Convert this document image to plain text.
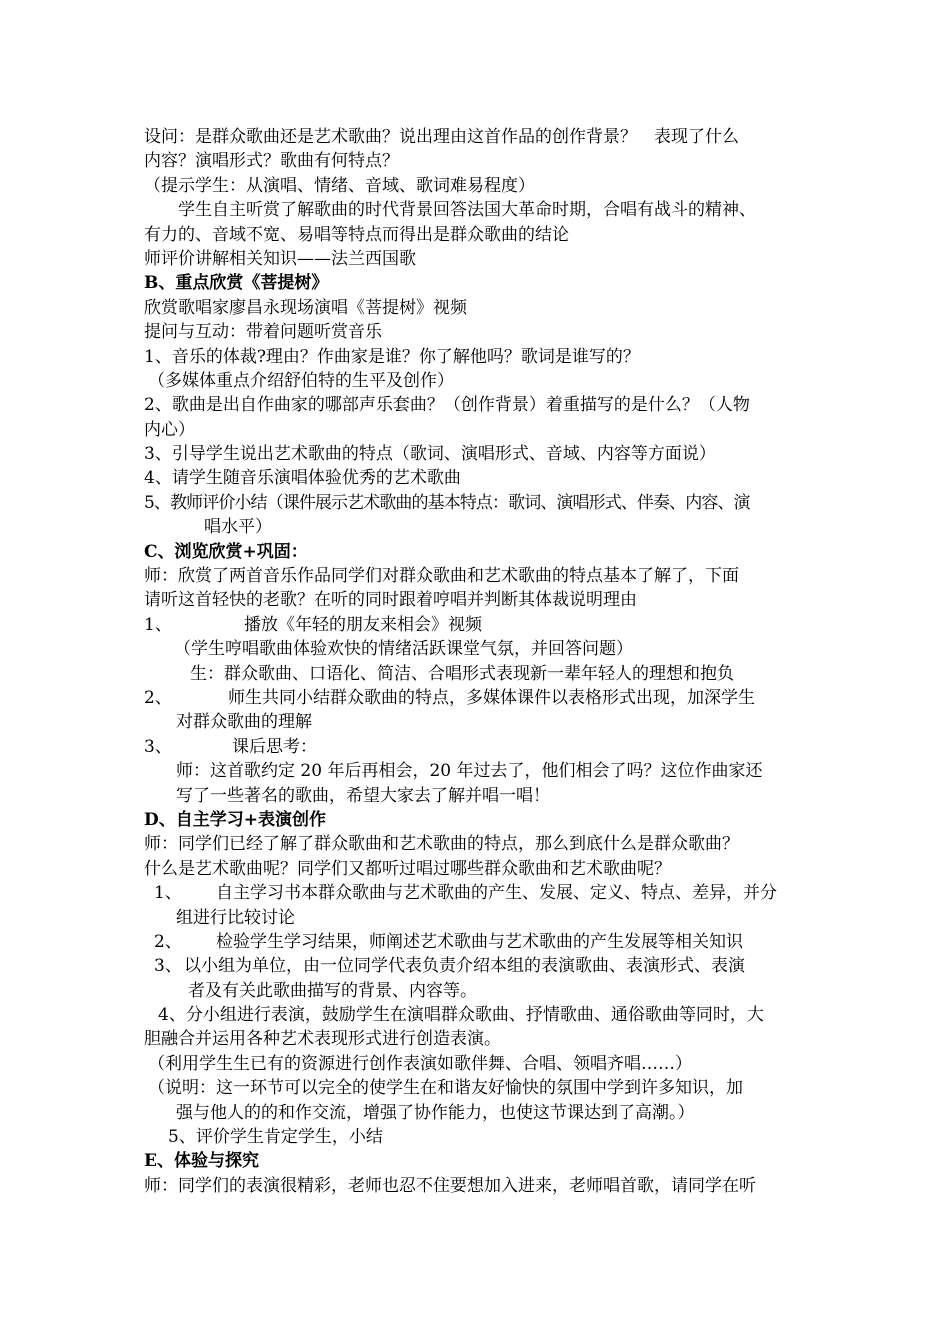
设问：是群众歌曲还是艺术歌曲？说出理由这首作品的创作背景？　表现了什么
内容？演唱形式？歌曲有何特点？
（提示学生：从演唱、情绪、音域、歌词难易程度）
学生自主听赏了解歌曲的时代背景回答法国大革命时期，合唱有战斗的精神、
有力的、音域不宽、易唱等特点而得出是群众歌曲的结论
师评价讲解相关知识——法兰西国歌
B、重点欣赏《菩提树》
欣赏歌唱家廖昌永现场演唱《菩提树》视频
提问与互动：带着问题听赏音乐
1、音乐的体裁?理由？作曲家是谁？你了解他吗？歌词是谁写的？
（多媒体重点介绍舒伯特的生平及创作）
2、歌曲是出自作曲家的哪部声乐套曲？（创作背景）着重描写的是什么？（人物
内心）
3、引导学生说出艺术歌曲的特点（歌词、演唱形式、音域、内容等方面说）
4、请学生随音乐演唱体验优秀的艺术歌曲
5、教师评价小结（课件展示艺术歌曲的基本特点：歌词、演唱形式、伴奏、内容、演
唱水平）
C、浏览欣赏+巩固：
师：欣赏了两首音乐作品同学们对群众歌曲和艺术歌曲的特点基本了解了，下面
请听这首轻快的老歌？在听的同时跟着哼唱并判断其体裁说明理由
1、	播放《年轻的朋友来相会》视频
（学生哼唱歌曲体验欢快的情绪活跃课堂气氛，并回答问题）
生：群众歌曲、口语化、简洁、合唱形式表现新一辈年轻人的理想和抱负
2、	师生共同小结群众歌曲的特点，多媒体课件以表格形式出现，加深学生
对群众歌曲的理解
3、	课后思考：
师：这首歌约定 20 年后再相会，20 年过去了，他们相会了吗？这位作曲家还
写了一些著名的歌曲，希望大家去了解并唱一唱！
D、自主学习+表演创作
师：同学们已经了解了群众歌曲和艺术歌曲的特点，那么到底什么是群众歌曲？
什么是艺术歌曲呢？同学们又都听过唱过哪些群众歌曲和艺术歌曲呢？
1、 自主学习书本群众歌曲与艺术歌曲的产生、发展、定义、特点、差异，并分
组进行比较讨论
2、 检验学生学习结果，师阐述艺术歌曲与艺术歌曲的产生发展等相关知识
3、 以小组为单位，由一位同学代表负责介绍本组的表演歌曲、表演形式、表演
者及有关此歌曲描写的背景、内容等。
4、分小组进行表演，鼓励学生在演唱群众歌曲、抒情歌曲、通俗歌曲等同时，大
胆融合并运用各种艺术表现形式进行创造表演。
（利用学生生已有的资源进行创作表演如歌伴舞、合唱、领唱齐唱……）
（说明：这一环节可以完全的使学生在和谐友好愉快的氛围中学到许多知识，加
强与他人的的和作交流，增强了协作能力，也使这节课达到了高潮。）
5、评价学生肯定学生，小结
E、体验与探究
师：同学们的表演很精彩，老师也忍不住要想加入进来，老师唱首歌，请同学在听
